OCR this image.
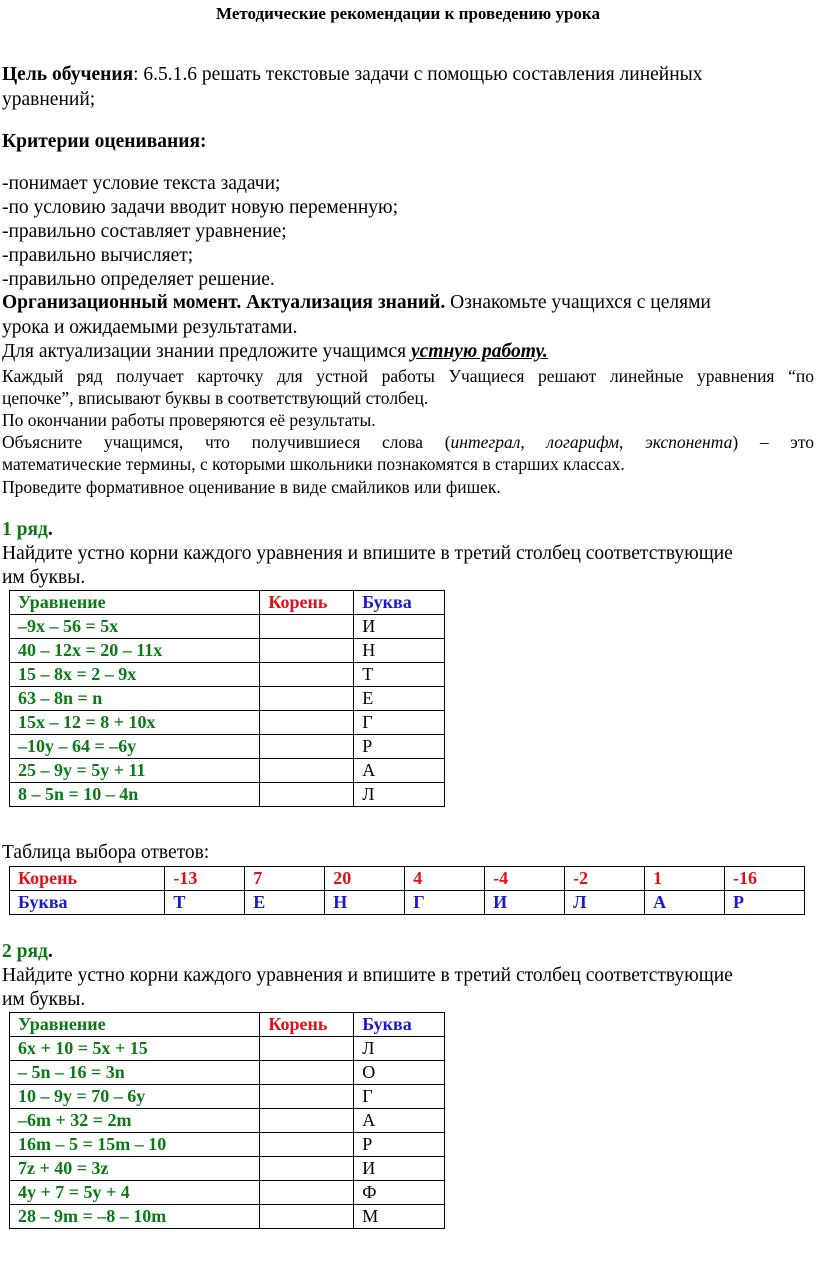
Методические рекомендации к проведению урока
Цель обучения: 6.5.1.6 решать текстовые задачи с помощью составления линейных
уравнений;
Критерии оценивания:
-понимает условие текста задачи;
-по условию задачи вводит новую переменную;
-правильно составляет уравнение;
-правильно вычисляет;
-правильно определяет решение.
Организационный момент. Актуализация знаний. Ознакомьте учащихся с целями
урока и ожидаемыми результатами.
Для актуализации знании предложите учащимся устную работу.
Каждый ряд получает карточку для устной работы Учащиеся решают линейные уравнения “по
цепочке”, вписывают буквы в соответствующий столбец.
По окончании работы проверяются её результаты.
Объясните учащимся, что получившиеся слова (интеграл, логарифм, экспонента) – это
математические термины, с которыми школьники познакомятся в старших классах.
Проведите формативное оценивание в виде смайликов или фишек.
1 ряд.
Найдите устно корни каждого уравнения и впишите в третий столбец соответствующие
им буквы.
Уравнение	Корень	Буква
–9x – 56 = 5x		И
40 – 12x = 20 – 11x		Н
15 – 8x = 2 – 9x		Т
63 – 8n = n		Е
15x – 12 = 8 + 10x		Г
–10y – 64 = –6y		Р
25 – 9y = 5y + 11		А
8 – 5n = 10 – 4n		Л
Таблица выбора ответов:
Корень	-13	7	20	4	-4	-2	1	-16
Буква	Т	Е	Н	Г	И	Л	А	Р
2 ряд.
Найдите устно корни каждого уравнения и впишите в третий столбец соответствующие
им буквы.
Уравнение	Корень	Буква
6x + 10 = 5x + 15		Л
– 5n – 16 = 3n		О
10 – 9y = 70 – 6y		Г
–6m + 32 = 2m		А
16m – 5 = 15m – 10		Р
7z + 40 = 3z		И
4y + 7 = 5y + 4		Ф
28 – 9m = –8 – 10m		М
